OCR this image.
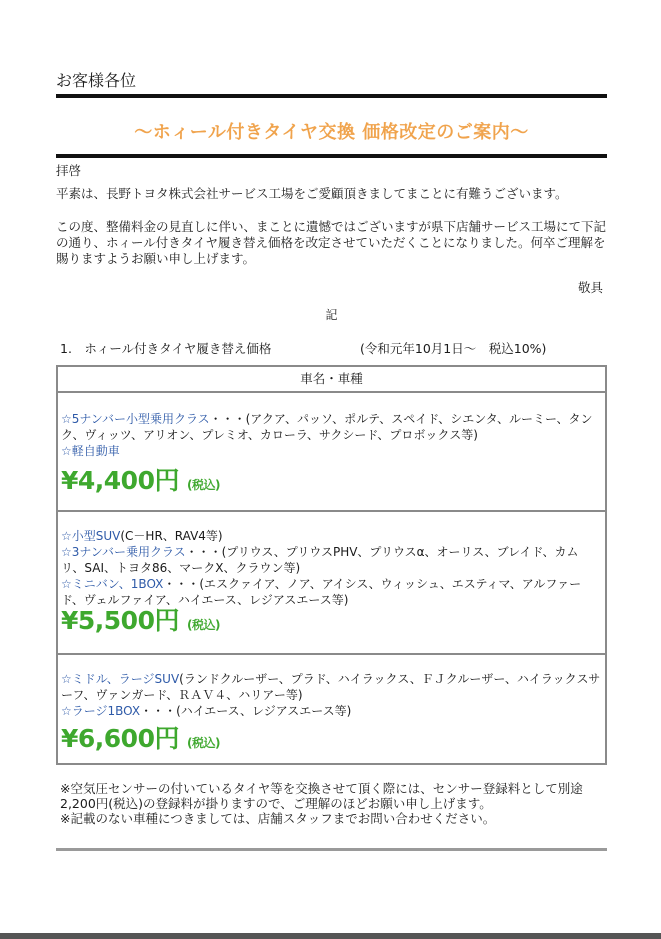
お客様各位
～ホィール付きタイヤ交換 価格改定のご案内～
拝啓
平素は、長野トヨタ株式会社サービス工場をご愛顧頂きましてまことに有難うございます。
この度、整備料金の見直しに伴い、まことに遺憾ではございますが県下店舗サービス工場にて下記の通り、ホィール付きタイヤ履き替え価格を改定させていただくことになりました。何卒ご理解を賜りますようお願い申し上げます。
敬具
記
1.　ホィール付きタイヤ履き替え価格	(令和元年10月1日～　税込10%)
車名・車種
☆5ナンバー小型乗用クラス・・・(アクア、パッソ、ポルテ、スペイド、シエンタ、ルーミー、タンク、ヴィッツ、アリオン、プレミオ、カローラ、サクシード、プロボックス等)
☆軽自動車
¥4,400円 (税込)
☆小型SUV(C－HR、RAV4等)
☆3ナンバー乗用クラス・・・(プリウス、プリウスPHV、プリウスα、オーリス、ブレイド、カムリ、SAI、トヨタ86、マークX、クラウン等)
☆ミニバン、1BOX・・・(エスクァイア、ノア、アイシス、ウィッシュ、エスティマ、アルファード、ヴェルファイア、ハイエース、レジアスエース等)
¥5,500円 (税込)
☆ミドル、ラージSUV(ランドクルーザー、プラド、ハイラックス、ＦＪクルーザー、ハイラックスサーフ、ヴァンガード、ＲＡＶ４、ハリアー等)
☆ラージ1BOX・・・(ハイエース、レジアスエース等)
¥6,600円 (税込)
※空気圧センサーの付いているタイヤ等を交換させて頂く際には、センサー登録料として別途2,200円(税込)の登録料が掛りますので、ご理解のほどお願い申し上げます。
※記載のない車種につきましては、店舗スタッフまでお問い合わせください。
